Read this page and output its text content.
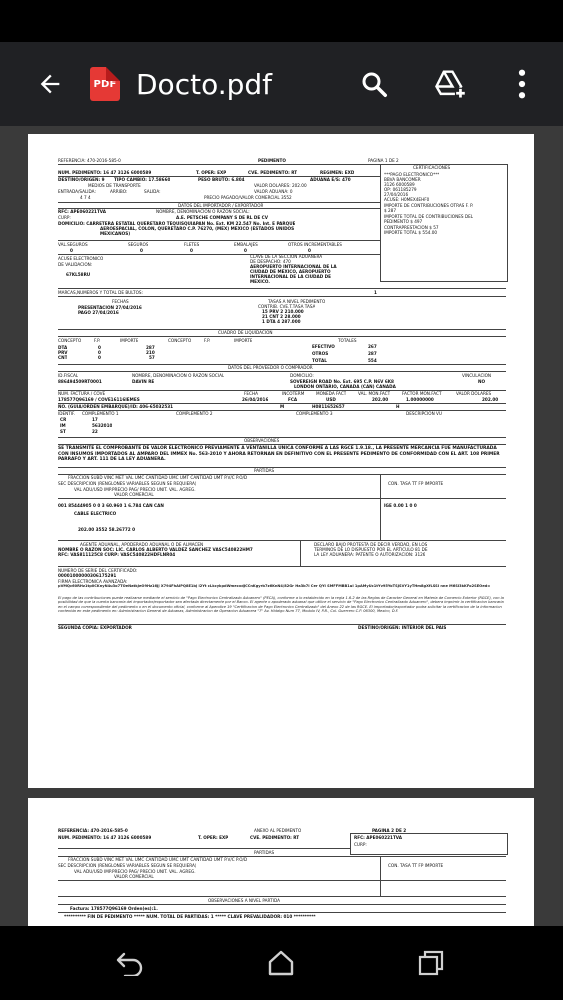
PDF Docto.pdf
REFERENCIA: 470-2016-585-0	PEDIMENTO	PAGINA 1 DE 2
CERTIFICACIONES
NUM. PEDIMENTO: 16 47 3126 6000589	T. OPER: EXP	CVE. PEDIMENTO: RT	REGIMEN: EXD
DESTINO/ORIGEN: 9 TIPO CAMBIO: 17.58660	PESO BRUTO: 6.804	ADUANA E/S: 470
MEDIOS DE TRANSPORTE	VALOR DOLARES: 202.00
ENTRADA/SALIDA:	ARRIBO:	SALIDA:	VALOR ADUANA: 0
4 7 4	PRECIO PAGADO/VALOR COMERCIAL 3552
***PAGO ELECTRONICO***
BBVA BANCOMER
3126 6000589
OP: 061185279
27/04/2016
ACUSE: H0MEX4EHF0
IMPORTE DE CONTRIBUCIONES OTRAS F. P.
$ 287
IMPORTE TOTAL DE CONTRIBUCIONES DEL
PEDIMENTO $ 497
CONTRAPRESTACION $ 57
IMPORTE TOTAL $ 554.00
DATOS DEL IMPORTADOR / EXPORTADOR
RFC: APE060221TVA	NOMBRE, DENOMINACION O RAZON SOCIAL:
CURP:	A.E. PETSCHE COMPANY S DE RL DE CV
DOMICILIO: CARRETERA ESTATAL QUERETARO TEQUISQUIAPAN No. Ext. KM 22.547 No. Int. E PARQUE
AEROESPACIAL, COLON, QUERETARO C.P. 76270, (MEX) MEXICO (ESTADOS UNIDOS
MEXICANOS)
VAL.SEGUROS	SEGUROS	FLETES	EMBALAJES	OTROS INCREMENTABLES
0	0	0	0	0
ACUSE ELECTRONICO
DE VALIDACION:
67KL58RU
CLAVE DE LA SECCION ADUANERA
DE DESPACHO: 470
AEROPUERTO INTERNACIONAL DE LA
CIUDAD DE MEXICO, AEROPUERTO
INTERNACIONAL DE LA CIUDAD DE
MEXICO.
MARCAS,NUMEROS Y TOTAL DE BULTOS:	1
FECHAS
PRESENTACION 27/04/2016
PAGO 27/04/2016
TASAS A NIVEL PEDIMENTO
CONTRIB. CVE.T.TASA TASA
15 PRV 2 210.000
21 CNT 2 28.000
1 DTA 4 287.000
CUADRO DE LIQUIDACION
CONCEPTO	F.P.	IMPORTE	CONCEPTO	F.P.	IMPORTE	TOTALES
DTA	0	287
PRV	0	210
CNT	0	57
EFECTIVO	267
OTROS	287
TOTAL	554
DATOS DEL PROVEEDOR O COMPRADOR
ID.FISCAL	NOMBRE, DENOMINACION O RAZON SOCIAL	DOMICILIO:	VINCULACION
886494509RT0001	DAVIN RE	SOVEREIGN ROAD No. Ext. 695 C.P. N6V 6K8
LONDON ONTARIO, CANADA (CAN) CANADA
NO
NUM. FACTURA / COVE	FECHA	INCOTERM	MONEDA FACT	VAL. MON.FACT	FACTOR MON.FACT	VALOR DOLARES
178577Q96169 / COVE16116IEMES	26/04/2016	FCA	USD	202.00	1.00000000	202.00
NO. (GUIA/ORDEN EMBARQUE)/ID: 406-65032531	M	H0811652657	H
IDENTIF. COMPLEMENTO 1	COMPLEMENTO 2	COMPLEMENTO 3	DESCRIPCION VU
CR	17
IM	5632010
ST	22
OBSERVACIONES
SE TRANSMITE EL COMPROBANTE DE VALOR ELECTRONICO PREVIAMENTE A VENTANILLA UNICA CONFORME A LAS RGCE 1.9.18., LA PRESENTE MERCANCIA FUE MANUFACTURADA CON INSUMOS IMPORTADOS AL AMPARO DEL IMMEX No. 563-2010 Y AHORA RETORNAN EN DEFINITIVO CON EL PRESENTE PEDIMENTO DE CONFORMIDAD CON EL ART. 108 PRIMER PARRAFO Y ART. 111 DE LA LEY ADUANERA.
PARTIDAS
FRACCION SUBD VINC MET VAL UMC CANTIDAD UMC UMT CANTIDAD UMT P.V/C P.O/D
SEC DESCRIPCION (RENGLONES VARIABLES SEGUN SE REQUIERA)
VAL ADU/USD IMP.PRECIO PAG/ PRECIO UNIT. VAL. AGREG.
VALOR COMERCIAL
CON. TASA TT FP IMPORTE
001 85444905 0 0 3 60.960 1 6.784 CAN CAN	IGE 0.00 1 0 0
CABLE ELECTRICO
202.00 3552 58.26772 0
AGENTE ADUANAL, APODERADO ADUANAL O DE ALMACEN
NOMBRE O RAZON SOC: LIC. CARLOS ALBERTO VALDEZ SANCHEZ VASC540822HM7
RFC: VAS811125C8 CURP: VASC540822HDFLNR04
DECLARO BAJO PROTESTA DE DECIR VERDAD, EN LOS
TERMINOS DE LO DISPUESTO POR EL ARTICULO 81 DE
LA LEY ADUANERA: PATENTE O AUTORIZACION: 3126
NUMERO DE SERIE DEL CERTIFICADO:
00001000000306175291
FIRMA ELECTRONICA AVANZADA:
pVMQc60RHz1tp0CKnyN4u3o7TOeNatkJeO9Hz16Jj X794FhAIPQ8E1bj i2Yt cLkcykpdWmecxdJCCnKgyrb7z6KnN4/82Gr Ha3b7I Cer QYI SMFFMBB1uI 1pAMyUc1tYv95YoTSJSVY1yTHm8gXfLSSI nne M6SI3kKFo2SEOed=
El pago de las contribuciones puede realizarse mediante el servicio de "Pago Electronico Centralizado Aduanero" (PECA), conforme a lo establecido en la regla 1.6.2 de las Reglas de Caracter General en Materia de Comercio Exterior (RGCE), con la posibilidad de que la cuenta bancaria del importador/exportador sea afectada directamente por el Banco. El agente o apoderado aduanal que utilice el servicio de "Pago Electronico Centralizado Aduanero", debera imprimir la certificacion bancaria en el campo correspondiente del pedimento o en el documento oficial, conforme al Apendice 19 "Certificacion de Pago Electronico Centralizado" del Anexo 22 de las RGCE. El importador/exportador podra solicitar la certificacion de la informacion contenida en este pedimento en: Administracion General de Aduanas, Administracion de Operacion Aduanera "7" Av. Hidalgo Num 77, Modulo IV, P.B., Col. Guerrero C.P. 06300, Mexico, D.F.
SEGUNDA COPIA: EXPORTADOR	DESTINO/ORIGEN: INTERIOR DEL PAIS
REFERENCIA: 470-2016-585-0	ANEXO AL PEDIMENTO	PAGINA 2 DE 2
NUM. PEDIMENTO: 16 47 3126 6000589	T. OPER: EXP	CVE. PEDIMENTO: RT	RFC: APE060221TVA
CURP:
PARTIDAS
FRACCION SUBD VINC MET VAL UMC CANTIDAD UMC UMT CANTIDAD UMT P.V/C P.O/D
SEC DESCRIPCION (RENGLONES VARIABLES SEGUN SE REQUIERA)
VAL ADU/USD IMP.PRECIO PAG/ PRECIO UNIT. VAL. AGREG.
VALOR COMERCIAL
CON. TASA TT FP IMPORTE
OBSERVACIONES A NIVEL PARTIDA
Factura: 178577Q96169 Orden(es):1.
********** FIN DE PEDIMENTO ***** NUM. TOTAL DE PARTIDAS: 1 ***** CLAVE PREVALIDADOR: 010 **********
